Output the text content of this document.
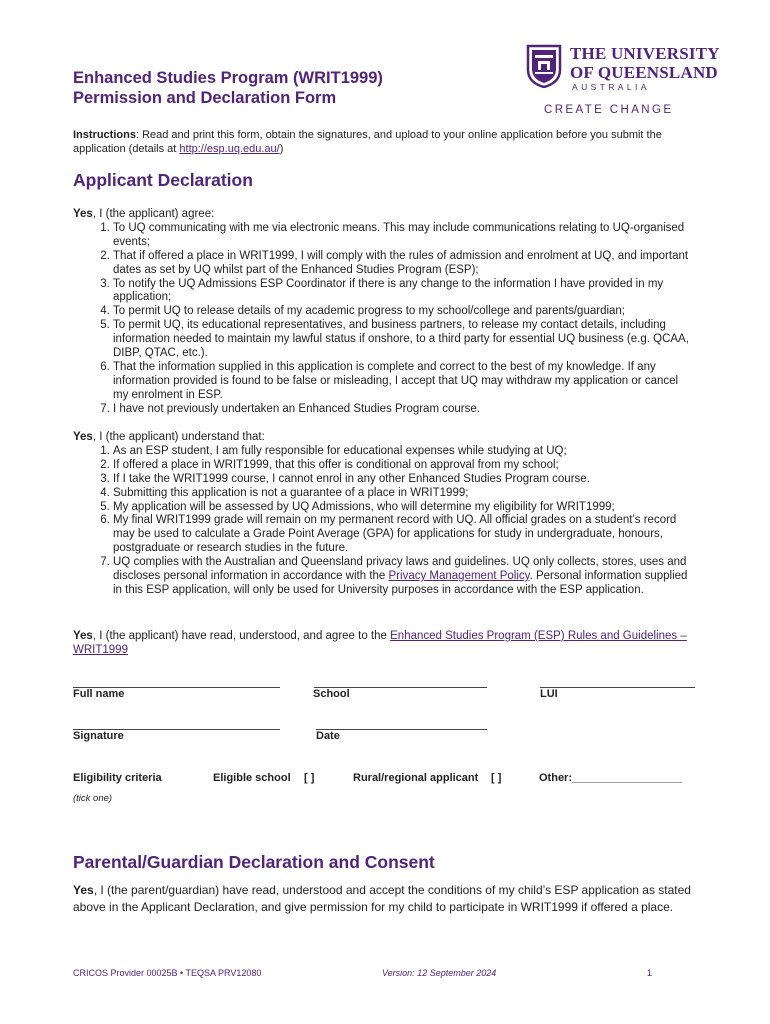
Enhanced Studies Program (WRIT1999)
Permission and Declaration Form
THE UNIVERSITY
OF QUEENSLAND
AUSTRALIA
CREATE CHANGE
Instructions: Read and print this form, obtain the signatures, and upload to your online application before you submit the application (details at http://esp.uq.edu.au/)
Applicant Declaration
Yes, I (the applicant) agree:
1. To UQ communicating with me via electronic means. This may include communications relating to UQ-organised events;
2. That if offered a place in WRIT1999, I will comply with the rules of admission and enrolment at UQ, and important dates as set by UQ whilst part of the Enhanced Studies Program (ESP);
3. To notify the UQ Admissions ESP Coordinator if there is any change to the information I have provided in my application;
4. To permit UQ to release details of my academic progress to my school/college and parents/guardian;
5. To permit UQ, its educational representatives, and business partners, to release my contact details, including information needed to maintain my lawful status if onshore, to a third party for essential UQ business (e.g. QCAA, DIBP, QTAC, etc.).
6. That the information supplied in this application is complete and correct to the best of my knowledge. If any information provided is found to be false or misleading, I accept that UQ may withdraw my application or cancel my enrolment in ESP.
7. I have not previously undertaken an Enhanced Studies Program course.
Yes, I (the applicant) understand that:
1. As an ESP student, I am fully responsible for educational expenses while studying at UQ;
2. If offered a place in WRIT1999, that this offer is conditional on approval from my school;
3. If I take the WRIT1999 course, I cannot enrol in any other Enhanced Studies Program course.
4. Submitting this application is not a guarantee of a place in WRIT1999;
5. My application will be assessed by UQ Admissions, who will determine my eligibility for WRIT1999;
6. My final WRIT1999 grade will remain on my permanent record with UQ. All official grades on a student’s record may be used to calculate a Grade Point Average (GPA) for applications for study in undergraduate, honours, postgraduate or research studies in the future.
7. UQ complies with the Australian and Queensland privacy laws and guidelines. UQ only collects, stores, uses and discloses personal information in accordance with the Privacy Management Policy. Personal information supplied in this ESP application, will only be used for University purposes in accordance with the ESP application.
Yes, I (the applicant) have read, understood, and agree to the Enhanced Studies Program (ESP) Rules and Guidelines – WRIT1999
Full name	School	LUI
Signature	Date
Eligibility criteria	Eligible school [ ]	Rural/regional applicant [ ]	Other:__________________
(tick one)
Parental/Guardian Declaration and Consent
Yes, I (the parent/guardian) have read, understood and accept the conditions of my child’s ESP application as stated above in the Applicant Declaration, and give permission for my child to participate in WRIT1999 if offered a place.
CRICOS Provider 00025B • TEQSA PRV12080	Version: 12 September 2024	1
